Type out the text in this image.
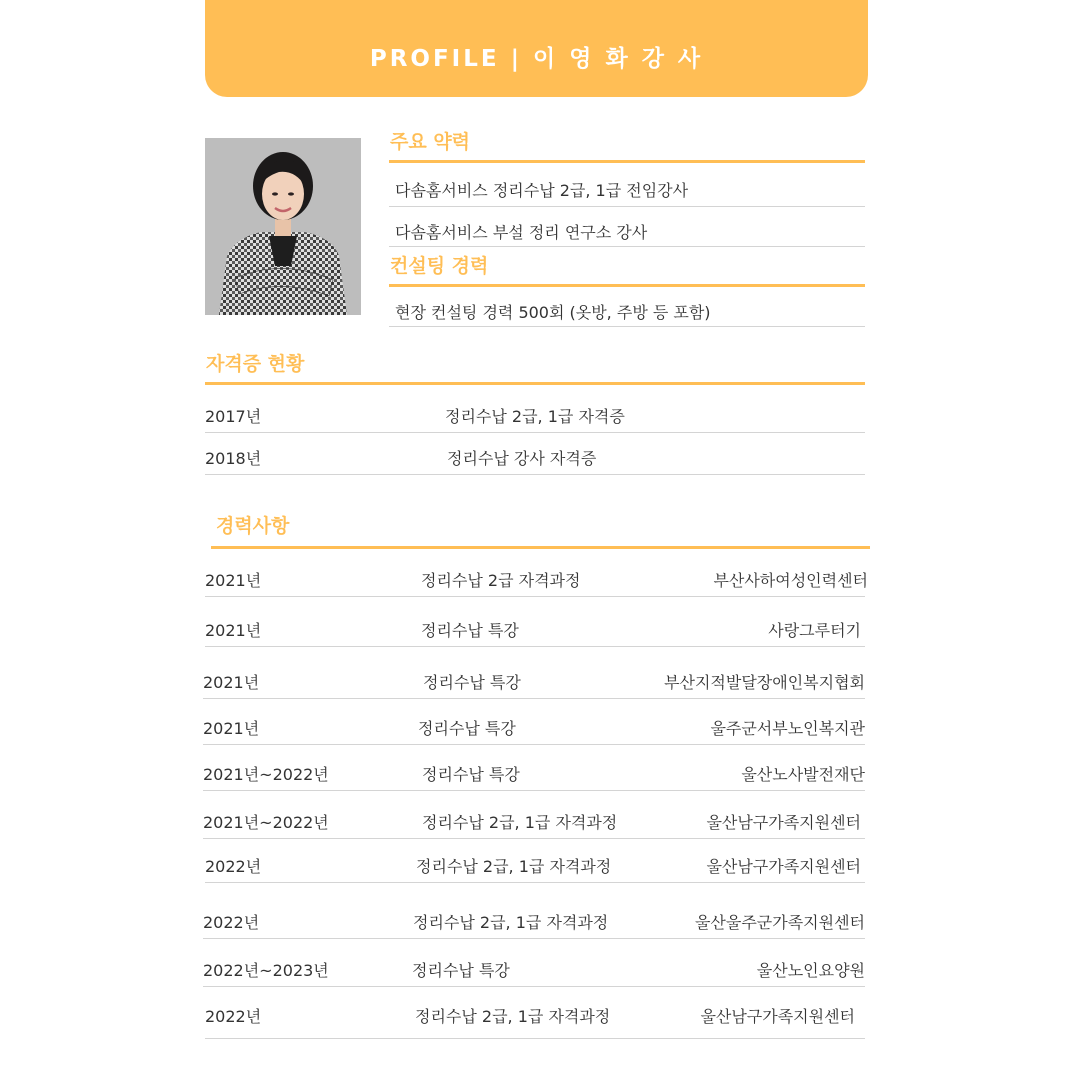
PROFILE | 이 영 화 강 사
주요 약력
다솜홈서비스 정리수납 2급, 1급 전임강사
다솜홈서비스 부설 정리 연구소 강사
컨설팅 경력
현장 컨설팅 경력 500회 (옷방, 주방 등 포함)
자격증 현황
2017년	정리수납 2급, 1급 자격증
2018년	정리수납 강사 자격증
경력사항
2021년	정리수납 2급 자격과정	부산사하여성인력센터
2021년	정리수납 특강	사랑그루터기
2021년	정리수납 특강	부산지적발달장애인복지협회
2021년	정리수납 특강	울주군서부노인복지관
2021년~2022년	정리수납 특강	울산노사발전재단
2021년~2022년	정리수납 2급, 1급 자격과정	울산남구가족지원센터
2022년	정리수납 2급, 1급 자격과정	울산남구가족지원센터
2022년	정리수납 2급, 1급 자격과정	울산울주군가족지원센터
2022년~2023년	정리수납 특강	울산노인요양원
2022년	정리수납 2급, 1급 자격과정	울산남구가족지원센터
